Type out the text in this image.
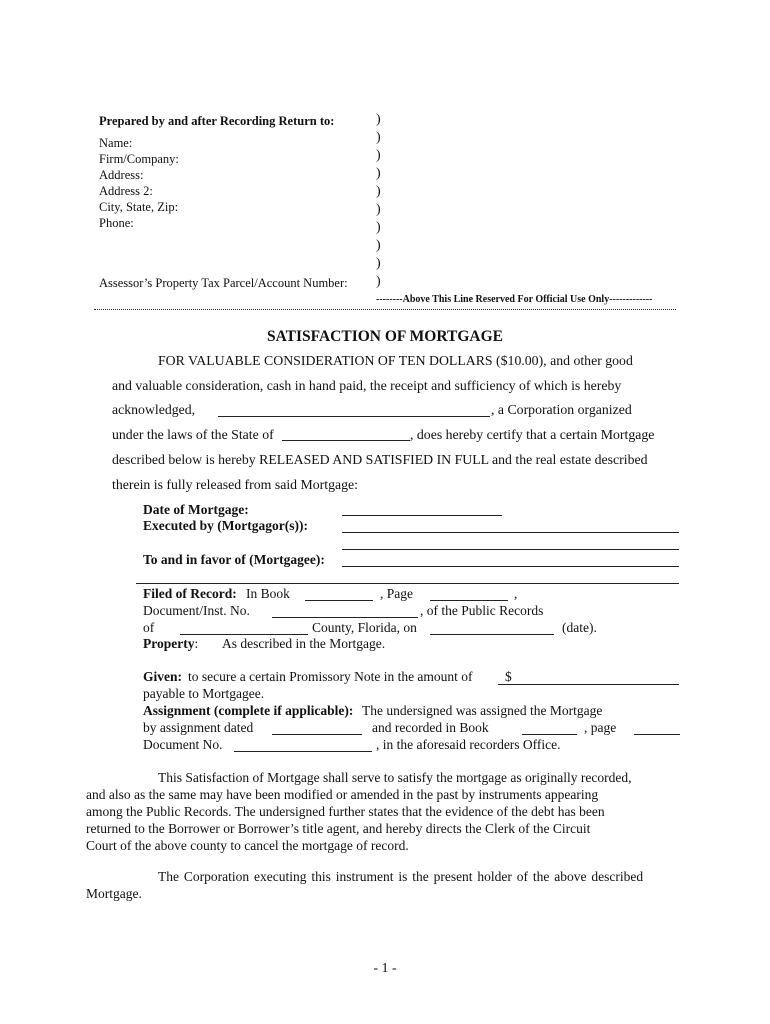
Prepared by and after Recording Return to:
Name:
Firm/Company:
Address:
Address 2:
City, State, Zip:
Phone:
Assessor’s Property Tax Parcel/Account Number:
)
)
)
)
)
)
)
)
)
)
--------Above This Line Reserved For Official Use Only-------------
SATISFACTION OF MORTGAGE
FOR VALUABLE CONSIDERATION OF TEN DOLLARS ($10.00), and other good
and valuable consideration, cash in hand paid, the receipt and sufficiency of which is hereby
acknowledged,	, a Corporation organized
under the laws of the State of	, does hereby certify that a certain Mortgage
described below is hereby RELEASED AND SATISFIED IN FULL and the real estate described
therein is fully released from said Mortgage:
Date of Mortgage:
Executed by (Mortgagor(s)):
To and in favor of (Mortgagee):
Filed of Record: In Book	, Page	,
Document/Inst. No.	, of the Public Records
of	County, Florida, on	(date).
Property: As described in the Mortgage.
Given: to secure a certain Promissory Note in the amount of $
payable to Mortgagee.
Assignment (complete if applicable): The undersigned was assigned the Mortgage
by assignment dated	and recorded in Book	, page
Document No.	, in the aforesaid recorders Office.
This Satisfaction of Mortgage shall serve to satisfy the mortgage as originally recorded,
and also as the same may have been modified or amended in the past by instruments appearing
among the Public Records. The undersigned further states that the evidence of the debt has been
returned to the Borrower or Borrower’s title agent, and hereby directs the Clerk of the Circuit
Court of the above county to cancel the mortgage of record.
The Corporation executing this instrument is the present holder of the above described
Mortgage.
- 1 -
